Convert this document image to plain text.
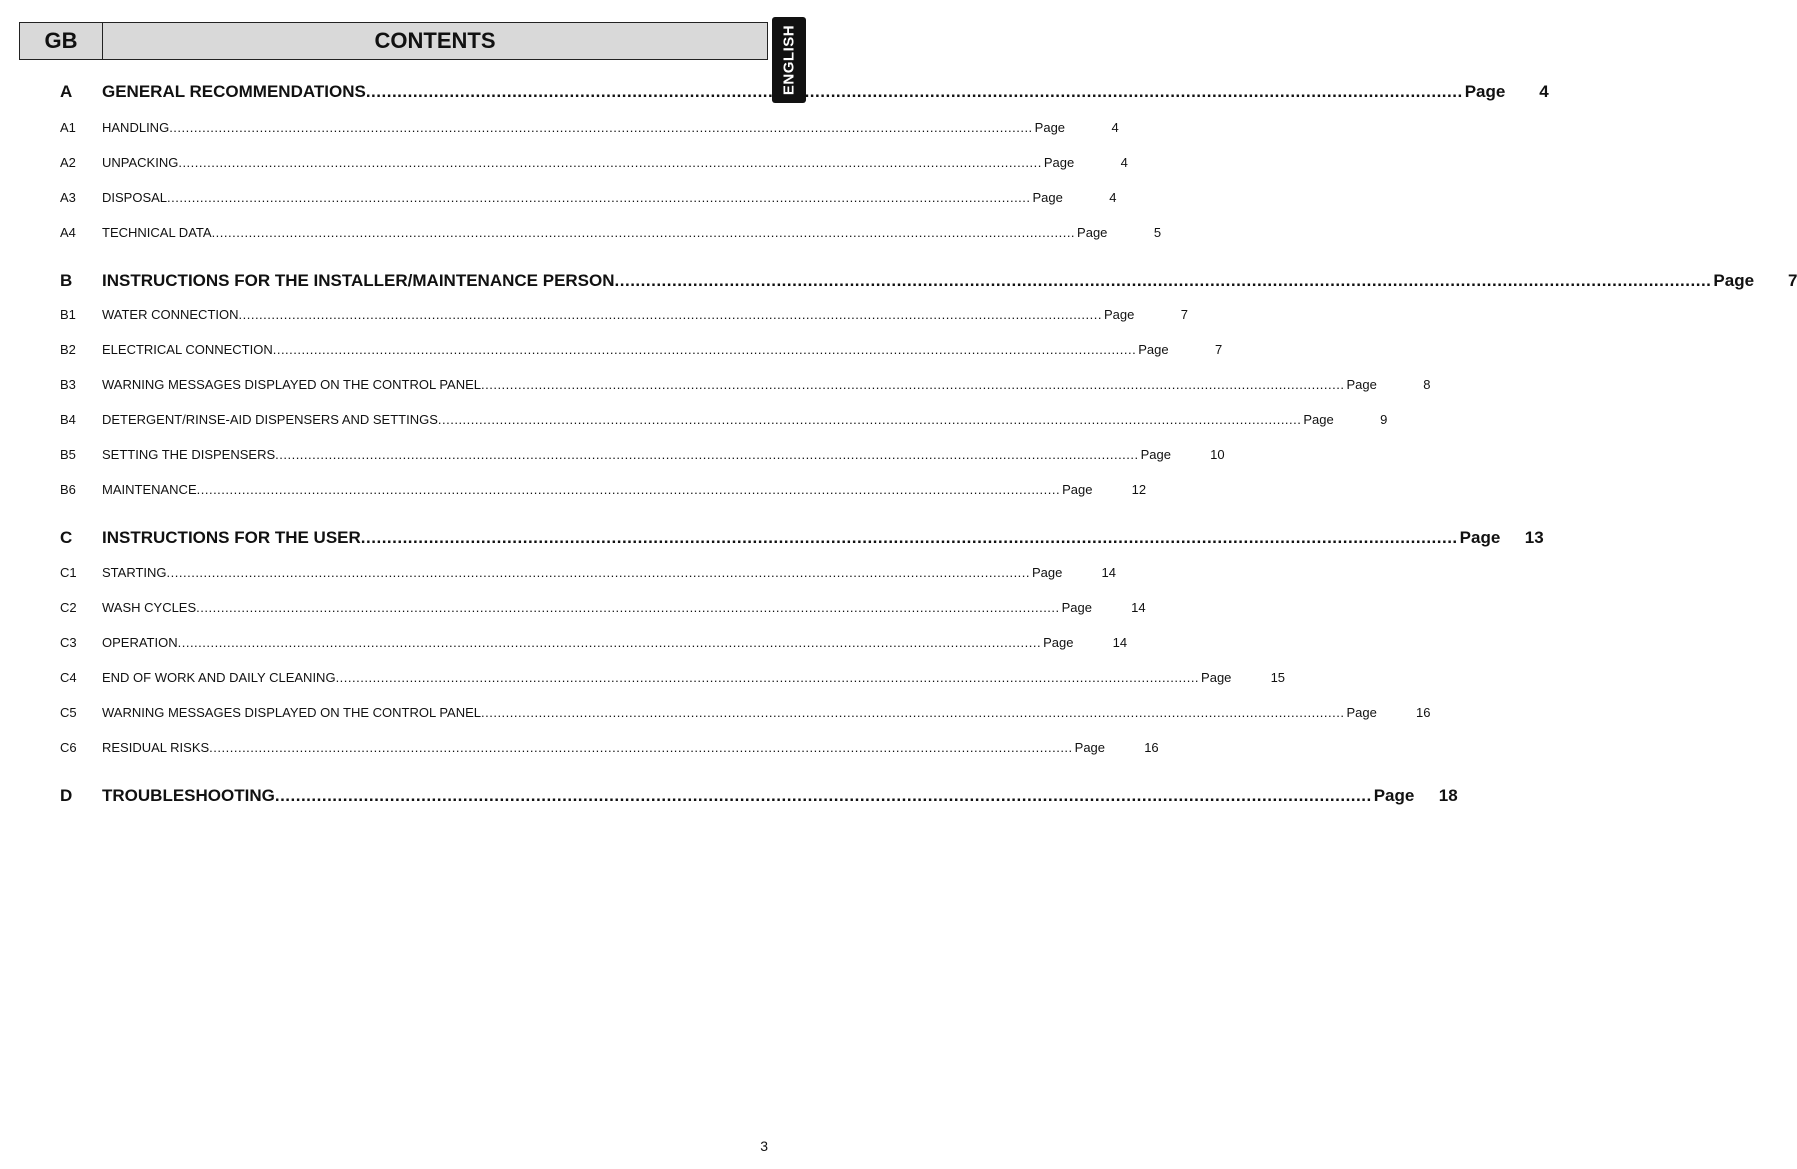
GB	CONTENTS	ENGLISH
A	GENERAL RECOMMENDATIONS .................................................................................................................................................................................................................. Page	4
A1	HANDLING .................................................................................................................................................................................................................. Page	4
A2	UNPACKING .................................................................................................................................................................................................................. Page	4
A3	DISPOSAL .................................................................................................................................................................................................................. Page	4
A4	TECHNICAL DATA .................................................................................................................................................................................................................. Page	5
B	INSTRUCTIONS FOR THE INSTALLER/MAINTENANCE PERSON .................................................................................................................................................................................................................. Page	7
B1	WATER CONNECTION .................................................................................................................................................................................................................. Page	7
B2	ELECTRICAL CONNECTION .................................................................................................................................................................................................................. Page	7
B3	WARNING MESSAGES DISPLAYED ON THE CONTROL PANEL .................................................................................................................................................................................................................. Page	8
B4	DETERGENT/RINSE-AID DISPENSERS AND SETTINGS .................................................................................................................................................................................................................. Page	9
B5	SETTING THE DISPENSERS .................................................................................................................................................................................................................. Page	10
B6	MAINTENANCE .................................................................................................................................................................................................................. Page	12
C	INSTRUCTIONS FOR THE USER .................................................................................................................................................................................................................. Page	13
C1	STARTING .................................................................................................................................................................................................................. Page	14
C2	WASH CYCLES .................................................................................................................................................................................................................. Page	14
C3	OPERATION .................................................................................................................................................................................................................. Page	14
C4	END OF WORK AND DAILY CLEANING .................................................................................................................................................................................................................. Page	15
C5	WARNING MESSAGES DISPLAYED ON THE CONTROL PANEL .................................................................................................................................................................................................................. Page	16
C6	RESIDUAL RISKS .................................................................................................................................................................................................................. Page	16
D	TROUBLESHOOTING .................................................................................................................................................................................................................. Page	18
3
